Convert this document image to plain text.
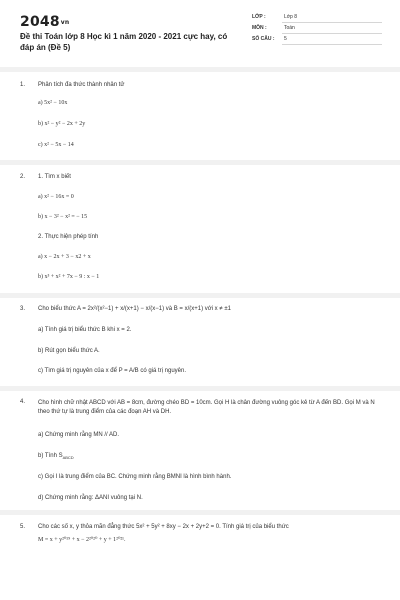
2048vn
Đề thi Toán lớp 8 Học kì 1 năm 2020 - 2021 cực hay, có đáp án (Đề 5)
LỚP :	Lớp 8
MÔN :	Toán
SỐ CÂU : 5
1. Phân tích đa thức thành nhân tử
a) 5x² − 10x
b) x² − y² − 2x + 2y
c) x² − 5x − 14
2. 1. Tìm x biết
a) x² − 16x = 0
b) x − 3² − x² = − 15
2. Thực hiện phép tính
a) x − 2x + 3 − x2 + x
b) x³ + x² + 7x − 9 : x − 1
3. Cho biểu thức A = 2x²/(x²−1) + x/(x+1) − x/(x−1) và B = x/(x+1) với x ≠ ±1
a) Tính giá trị biểu thức B khi x = 2.
b) Rút gọn biểu thức A.
c) Tìm giá trị nguyên của x để P = A/B có giá trị nguyên.
4. Cho hình chữ nhật ABCD với AB = 8cm, đường chéo BD = 10cm. Gọi H là chân đường vuông góc kẻ từ A đến BD. Gọi M và N theo thứ tự là trung điểm của các đoạn AH và DH.
a) Chứng minh rằng MN // AD.
b) Tính $S_{ABCD}$
c) Gọi I là trung điểm của BC. Chứng minh rằng BMNI là hình bình hành.
d) Chứng minh rằng: ΔANI vuông tại N.
5. Cho các số x, y thỏa mãn đẳng thức 5x² + 5y² + 8xy − 2x + 2y+2 = 0. Tính giá trị của biểu thức
M = x + y²⁰¹⁹ + x − 2²⁰²⁰ + y + 1²⁰²¹.
